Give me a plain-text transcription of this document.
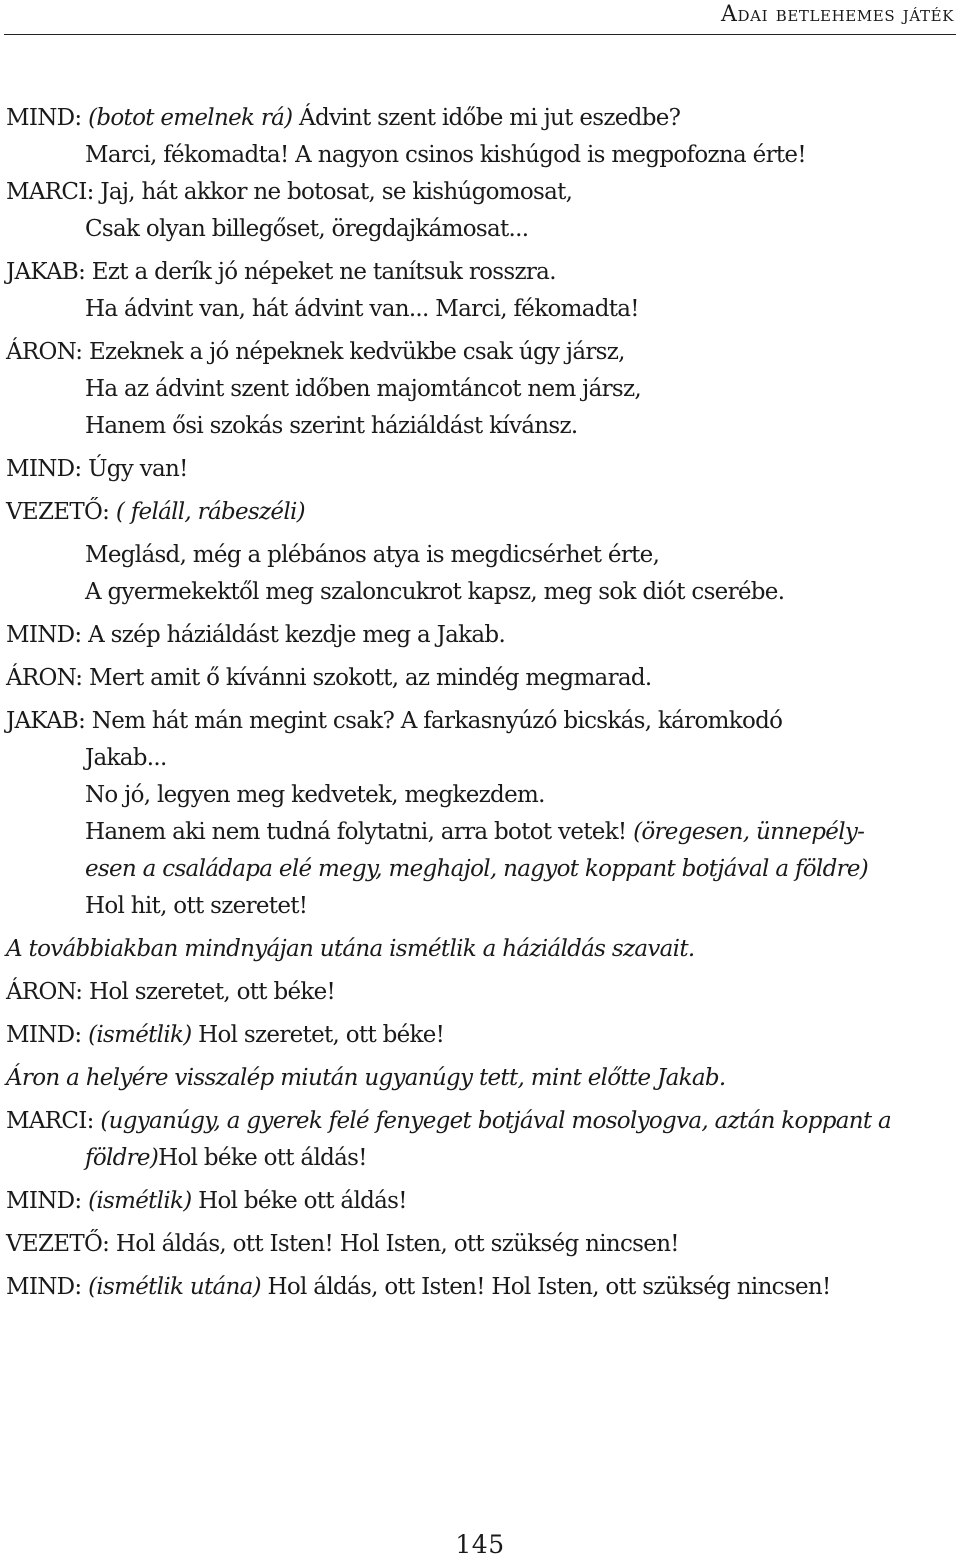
Adai betlehemes játék
MIND: (botot emelnek rá) Ádvint szent időbe mi jut eszedbe?
Marci, fékomadta! A nagyon csinos kishúgod is megpofozna érte!
MARCI: Jaj, hát akkor ne botosat, se kishúgomosat,
Csak olyan billegőset, öregdajkámosat...
JAKAB: Ezt a derík jó népeket ne tanítsuk rosszra.
Ha ádvint van, hát ádvint van... Marci, fékomadta!
ÁRON: Ezeknek a jó népeknek kedvükbe csak úgy jársz,
Ha az ádvint szent időben majomtáncot nem jársz,
Hanem ősi szokás szerint háziáldást kívánsz.
MIND: Úgy van!
VEZETŐ: ( feláll, rábeszéli)
Meglásd, még a plébános atya is megdicsérhet érte,
A gyermekektől meg szaloncukrot kapsz, meg sok diót cserébe.
MIND: A szép háziáldást kezdje meg a Jakab.
ÁRON: Mert amit ő kívánni szokott, az mindég megmarad.
JAKAB: Nem hát mán megint csak? A farkasnyúzó bicskás, káromkodó
Jakab...
No jó, legyen meg kedvetek, megkezdem.
Hanem aki nem tudná folytatni, arra botot vetek! (öregesen, ünnepély-
esen a családapa elé megy, meghajol, nagyot koppant botjával a földre)
Hol hit, ott szeretet!
A továbbiakban mindnyájan utána ismétlik a háziáldás szavait.
ÁRON: Hol szeretet, ott béke!
MIND: (ismétlik) Hol szeretet, ott béke!
Áron a helyére visszalép miután ugyanúgy tett, mint előtte Jakab.
MARCI: (ugyanúgy, a gyerek felé fenyeget botjával mosolyogva, aztán koppant a
földre)Hol béke ott áldás!
MIND: (ismétlik) Hol béke ott áldás!
VEZETŐ: Hol áldás, ott Isten! Hol Isten, ott szükség nincsen!
MIND: (ismétlik utána) Hol áldás, ott Isten! Hol Isten, ott szükség nincsen!
145
